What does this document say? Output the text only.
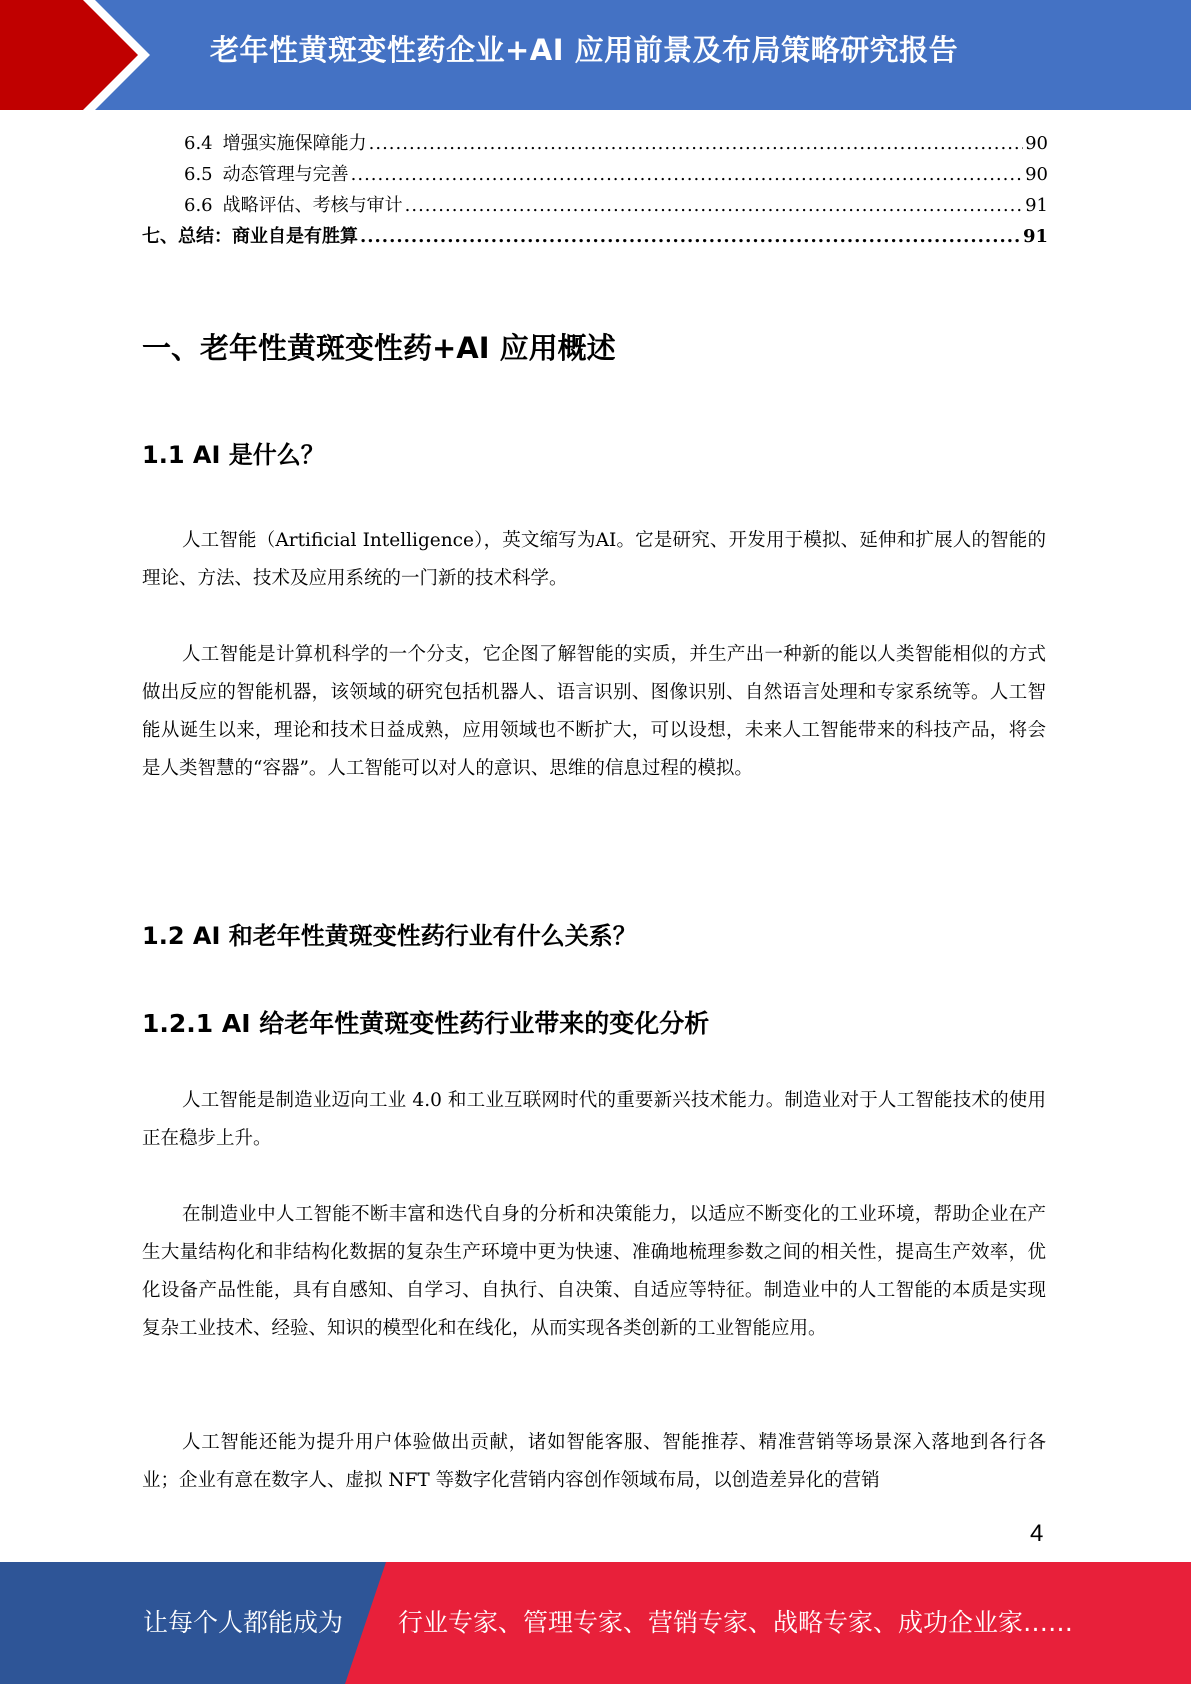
老年性黄斑变性药企业+AI 应用前景及布局策略研究报告
6.4 增强实施保障能力 .....	90
6.5 动态管理与完善 .....	90
6.6 战略评估、考核与审计 .....	91
七、总结：商业自是有胜算 .....	91
一、老年性黄斑变性药+AI 应用概述
1.1 AI 是什么？

人工智能（Artificial Intelligence），英文缩写为AI。它是研究、开发用于模拟、延伸和扩展人的智能的理论、方法、技术及应用系统的一门新的技术科学。

人工智能是计算机科学的一个分支，它企图了解智能的实质，并生产出一种新的能以人类智能相似的方式做出反应的智能机器，该领域的研究包括机器人、语言识别、图像识别、自然语言处理和专家系统等。人工智能从诞生以来，理论和技术日益成熟，应用领域也不断扩大，可以设想，未来人工智能带来的科技产品，将会是人类智慧的“容器”。人工智能可以对人的意识、思维的信息过程的模拟。

1.2 AI 和老年性黄斑变性药行业有什么关系？
1.2.1 AI 给老年性黄斑变性药行业带来的变化分析

人工智能是制造业迈向工业 4.0 和工业互联网时代的重要新兴技术能力。制造业对于人工智能技术的使用正在稳步上升。

在制造业中人工智能不断丰富和迭代自身的分析和决策能力，以适应不断变化的工业环境，帮助企业在产生大量结构化和非结构化数据的复杂生产环境中更为快速、准确地梳理参数之间的相关性，提高生产效率，优化设备产品性能，具有自感知、自学习、自执行、自决策、自适应等特征。制造业中的人工智能的本质是实现复杂工业技术、经验、知识的模型化和在线化，从而实现各类创新的工业智能应用。

人工智能还能为提升用户体验做出贡献，诸如智能客服、智能推荐、精准营销等场景深入落地到各行各业；企业有意在数字人、虚拟 NFT 等数字化营销内容创作领域布局，以创造差异化的营销

4
让每个人都能成为 行业专家、管理专家、营销专家、战略专家、成功企业家……
